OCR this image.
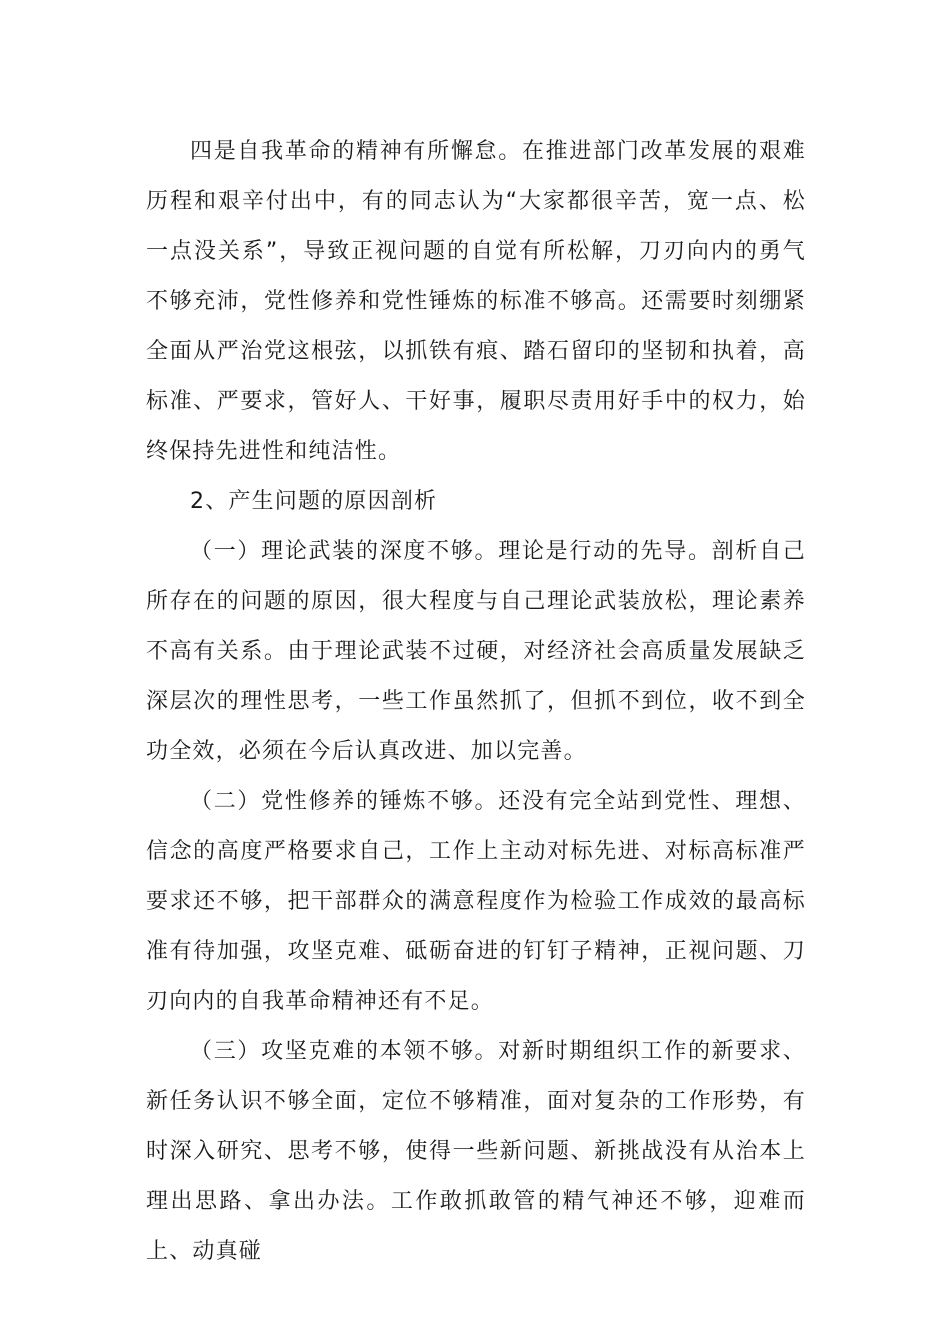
四是自我革命的精神有所懈怠。在推进部门改革发展的艰难历程和艰辛付出中，有的同志认为“大家都很辛苦，宽一点、松一点没关系”，导致正视问题的自觉有所松解，刀刃向内的勇气不够充沛，党性修养和党性锤炼的标准不够高。还需要时刻绷紧全面从严治党这根弦，以抓铁有痕、踏石留印的坚韧和执着，高标准、严要求，管好人、干好事，履职尽责用好手中的权力，始终保持先进性和纯洁性。

2、产生问题的原因剖析

（一）理论武装的深度不够。理论是行动的先导。剖析自己所存在的问题的原因，很大程度与自己理论武装放松，理论素养不高有关系。由于理论武装不过硬，对经济社会高质量发展缺乏深层次的理性思考，一些工作虽然抓了，但抓不到位，收不到全功全效，必须在今后认真改进、加以完善。

（二）党性修养的锤炼不够。还没有完全站到党性、理想、信念的高度严格要求自己，工作上主动对标先进、对标高标准严要求还不够，把干部群众的满意程度作为检验工作成效的最高标准有待加强，攻坚克难、砥砺奋进的钉钉子精神，正视问题、刀刃向内的自我革命精神还有不足。

（三）攻坚克难的本领不够。对新时期组织工作的新要求、新任务认识不够全面，定位不够精准，面对复杂的工作形势，有时深入研究、思考不够，使得一些新问题、新挑战没有从治本上理出思路、拿出办法。工作敢抓敢管的精气神还不够，迎难而上、动真碰
